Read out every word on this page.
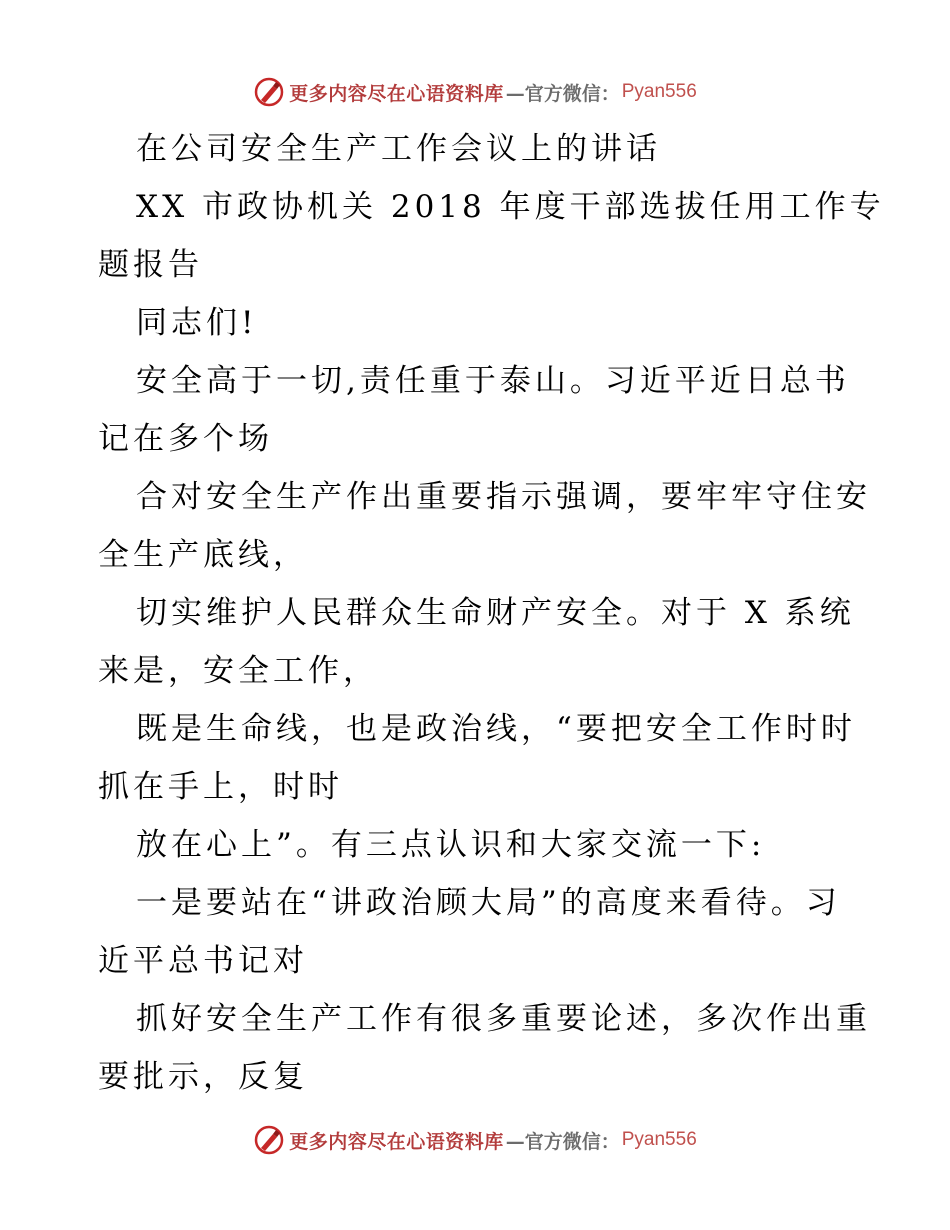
更多内容尽在心语资料库 —官方微信： Pyan556

在公司安全生产工作会议上的讲话

XX 市政协机关 2018 年度干部选拔任用工作专
题报告

同志们!

安全高于一切,责任重于泰山。习近平近日总书
记在多个场

合对安全生产作出重要指示强调，要牢牢守住安
全生产底线，

切实维护人民群众生命财产安全。对于 X 系统
来是，安全工作，

既是生命线，也是政治线，“要把安全工作时时
抓在手上，时时

放在心上”。有三点认识和大家交流一下:

一是要站在“讲政治顾大局”的高度来看待。习
近平总书记对

抓好安全生产工作有很多重要论述，多次作出重
要批示，反复

更多内容尽在心语资料库 —官方微信： Pyan556
